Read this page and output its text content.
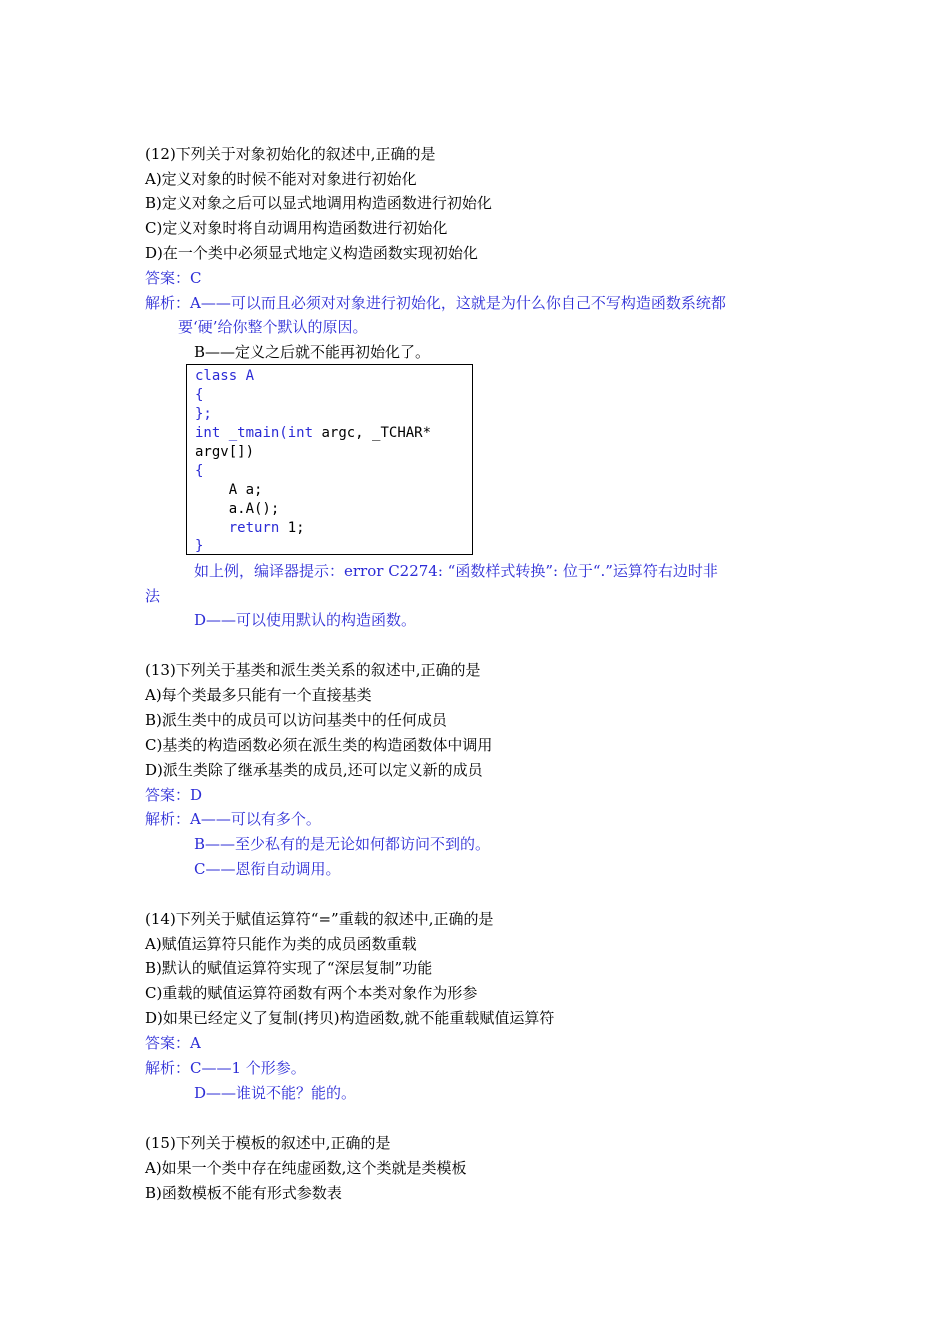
(12)下列关于对象初始化的叙述中,正确的是
A)定义对象的时候不能对对象进行初始化
B)定义对象之后可以显式地调用构造函数进行初始化
C)定义对象时将自动调用构造函数进行初始化
D)在一个类中必须显式地定义构造函数实现初始化
答案：C
解析：A——可以而且必须对对象进行初始化，这就是为什么你自己不写构造函数系统都
要‘硬’给你整个默认的原因。
B——定义之后就不能再初始化了。
class A
{
};
int _tmain(int argc, _TCHAR*
argv[])
{
A a;
a.A();
return 1;
}
如上例，编译器提示：error C2274: “函数样式转换”: 位于“.”运算符右边时非
法
D——可以使用默认的构造函数。
(13)下列关于基类和派生类关系的叙述中,正确的是
A)每个类最多只能有一个直接基类
B)派生类中的成员可以访问基类中的任何成员
C)基类的构造函数必须在派生类的构造函数体中调用
D)派生类除了继承基类的成员,还可以定义新的成员
答案：D
解析：A——可以有多个。
B——至少私有的是无论如何都访问不到的。
C——恩衔自动调用。
(14)下列关于赋值运算符“=”重载的叙述中,正确的是
A)赋值运算符只能作为类的成员函数重载
B)默认的赋值运算符实现了“深层复制”功能
C)重载的赋值运算符函数有两个本类对象作为形参
D)如果已经定义了复制(拷贝)构造函数,就不能重载赋值运算符
答案：A
解析：C——1 个形参。
D——谁说不能？能的。
(15)下列关于模板的叙述中,正确的是
A)如果一个类中存在纯虚函数,这个类就是类模板
B)函数模板不能有形式参数表
